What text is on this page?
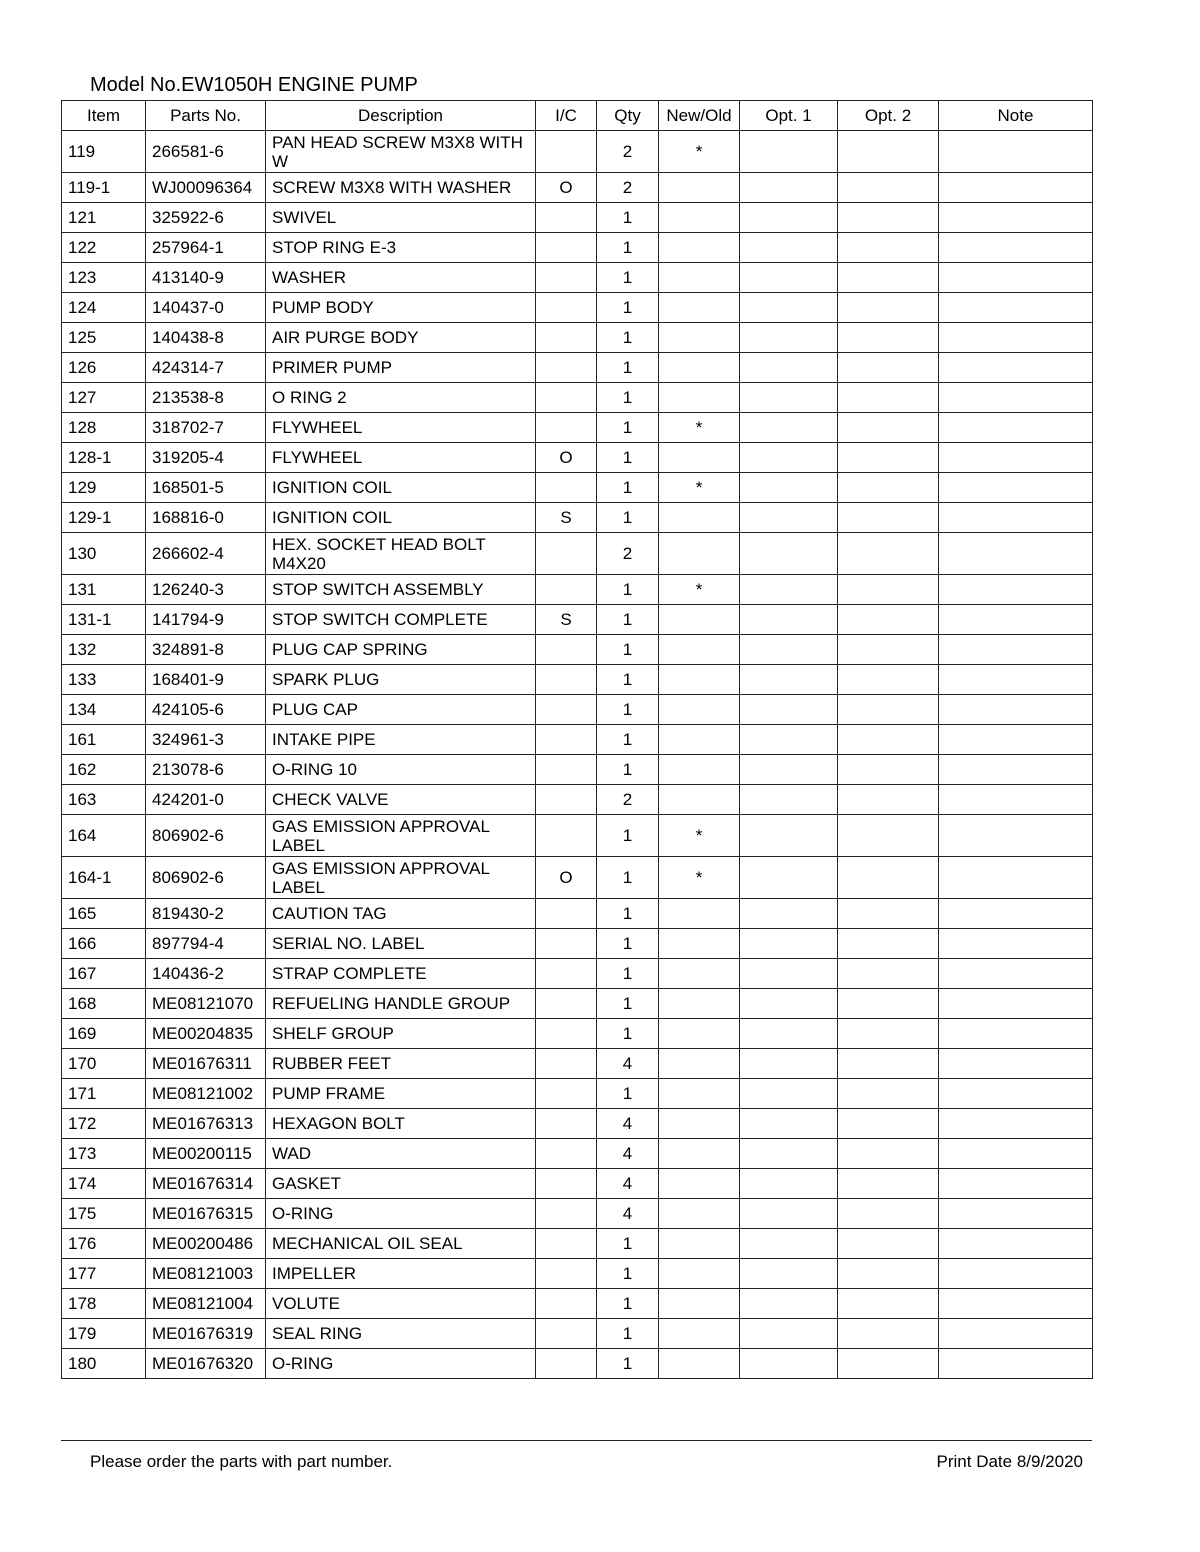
Model No.EW1050H ENGINE PUMP
Item	Parts No.	Description	I/C	Qty	New/Old	Opt. 1	Opt. 2	Note
119	266581-6	PAN HEAD SCREW M3X8 WITH W		2	*			
119-1	WJ00096364	SCREW M3X8 WITH WASHER	O	2				
121	325922-6	SWIVEL		1				
122	257964-1	STOP RING E-3		1				
123	413140-9	WASHER		1				
124	140437-0	PUMP BODY		1				
125	140438-8	AIR PURGE BODY		1				
126	424314-7	PRIMER PUMP		1				
127	213538-8	O RING 2		1				
128	318702-7	FLYWHEEL		1	*			
128-1	319205-4	FLYWHEEL	O	1				
129	168501-5	IGNITION COIL		1	*			
129-1	168816-0	IGNITION COIL	S	1				
130	266602-4	HEX. SOCKET HEAD BOLT M4X20		2				
131	126240-3	STOP SWITCH ASSEMBLY		1	*			
131-1	141794-9	STOP SWITCH COMPLETE	S	1				
132	324891-8	PLUG CAP SPRING		1				
133	168401-9	SPARK PLUG		1				
134	424105-6	PLUG CAP		1				
161	324961-3	INTAKE PIPE		1				
162	213078-6	O-RING 10		1				
163	424201-0	CHECK VALVE		2				
164	806902-6	GAS EMISSION APPROVAL LABEL		1	*			
164-1	806902-6	GAS EMISSION APPROVAL LABEL	O	1	*			
165	819430-2	CAUTION TAG		1				
166	897794-4	SERIAL NO. LABEL		1				
167	140436-2	STRAP COMPLETE		1				
168	ME08121070	REFUELING HANDLE GROUP		1				
169	ME00204835	SHELF GROUP		1				
170	ME01676311	RUBBER FEET		4				
171	ME08121002	PUMP FRAME		1				
172	ME01676313	HEXAGON BOLT		4				
173	ME00200115	WAD		4				
174	ME01676314	GASKET		4				
175	ME01676315	O-RING		4				
176	ME00200486	MECHANICAL OIL SEAL		1				
177	ME08121003	IMPELLER		1				
178	ME08121004	VOLUTE		1				
179	ME01676319	SEAL RING		1				
180	ME01676320	O-RING		1				
Please order the parts with part number.	Print Date 8/9/2020
